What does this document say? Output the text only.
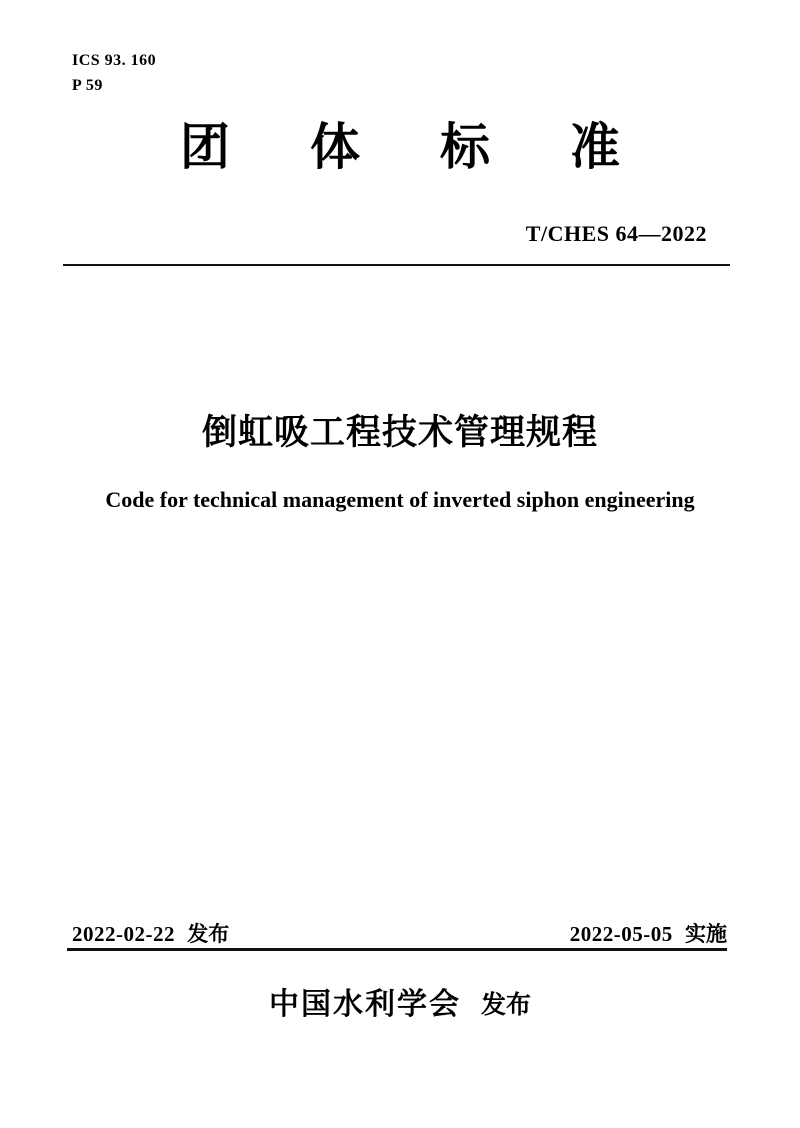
ICS 93. 160
P 59
团 体 标 准
T/CHES 64—2022
倒虹吸工程技术管理规程
Code for technical management of inverted siphon engineering
2022-02-22 发布	2022-05-05 实施
中国水利学会 发布
